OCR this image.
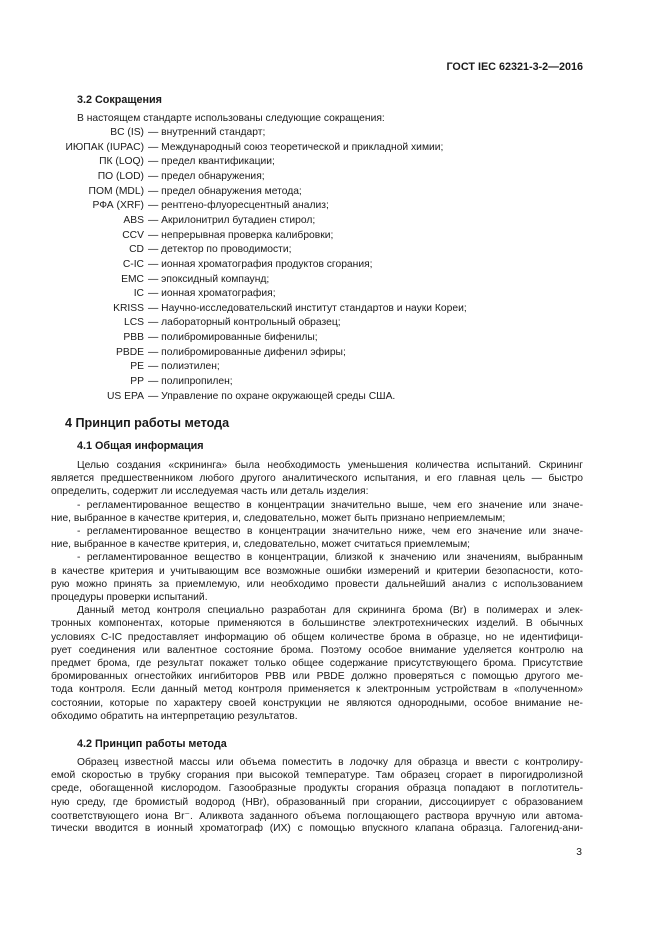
ГОСТ IEC 62321-3-2—2016
3.2 Сокращения
В настоящем стандарте использованы следующие сокращения:
BC (IS) — внутренний стандарт;
ИЮПАК (IUPAC) — Международный союз теоретической и прикладной химии;
ПК (LOQ) — предел квантификации;
ПО (LOD) — предел обнаружения;
ПОМ (MDL) — предел обнаружения метода;
РФА (XRF) — рентгено-флуоресцентный анализ;
ABS — Акрилонитрил бутадиен стирол;
CCV — непрерывная проверка калибровки;
CD — детектор по проводимости;
C-IC — ионная хроматография продуктов сгорания;
EMC — эпоксидный компаунд;
IC — ионная хроматография;
KRISS — Научно-исследовательский институт стандартов и науки Кореи;
LCS — лабораторный контрольный образец;
PBB — полибромированные бифенилы;
PBDE — полибромированные дифенил эфиры;
PE — полиэтилен;
PP — полипропилен;
US EPA — Управление по охране окружающей среды США.
4 Принцип работы метода
4.1 Общая информация
Целью создания «скрининга» была необходимость уменьшения количества испытаний. Скрининг
является предшественником любого другого аналитического испытания, и его главная цель — быстро
определить, содержит ли исследуемая часть или деталь изделия:
- регламентированное вещество в концентрации значительно выше, чем его значение или значе-
ние, выбранное в качестве критерия, и, следовательно, может быть признано неприемлемым;
- регламентированное вещество в концентрации значительно ниже, чем его значение или значе-
ние, выбранное в качестве критерия, и, следовательно, может считаться приемлемым;
- регламентированное вещество в концентрации, близкой к значению или значениям, выбранным
в качестве критерия и учитывающим все возможные ошибки измерений и критерии безопасности, кото-
рую можно принять за приемлемую, или необходимо провести дальнейший анализ с использованием
процедуры проверки испытаний.
Данный метод контроля специально разработан для скрининга брома (Br) в полимерах и элек-
тронных компонентах, которые применяются в большинстве электротехнических изделий. В обычных
условиях C-IC предоставляет информацию об общем количестве брома в образце, но не идентифици-
рует соединения или валентное состояние брома. Поэтому особое внимание уделяется контролю на
предмет брома, где результат покажет только общее содержание присутствующего брома. Присутствие
бромированных огнестойких ингибиторов PBB или PBDE должно проверяться с помощью другого ме-
тода контроля. Если данный метод контроля применяется к электронным устройствам в «полученном»
состоянии, которые по характеру своей конструкции не являются однородными, особое внимание не-
обходимо обратить на интерпретацию результатов.
4.2 Принцип работы метода
Образец известной массы или объема поместить в лодочку для образца и ввести с контролиру-
емой скоростью в трубку сгорания при высокой температуре. Там образец сгорает в пирогидролизной
среде, обогащенной кислородом. Газообразные продукты сгорания образца попадают в поглотитель-
ную среду, где бромистый водород (HBr), образованный при сгорании, диссоциирует с образованием
соответствующего иона Br⁻. Аликвота заданного объема поглощающего раствора вручную или автома-
тически вводится в ионный хроматограф (ИХ) с помощью впускного клапана образца. Галогенид-ани-
3
